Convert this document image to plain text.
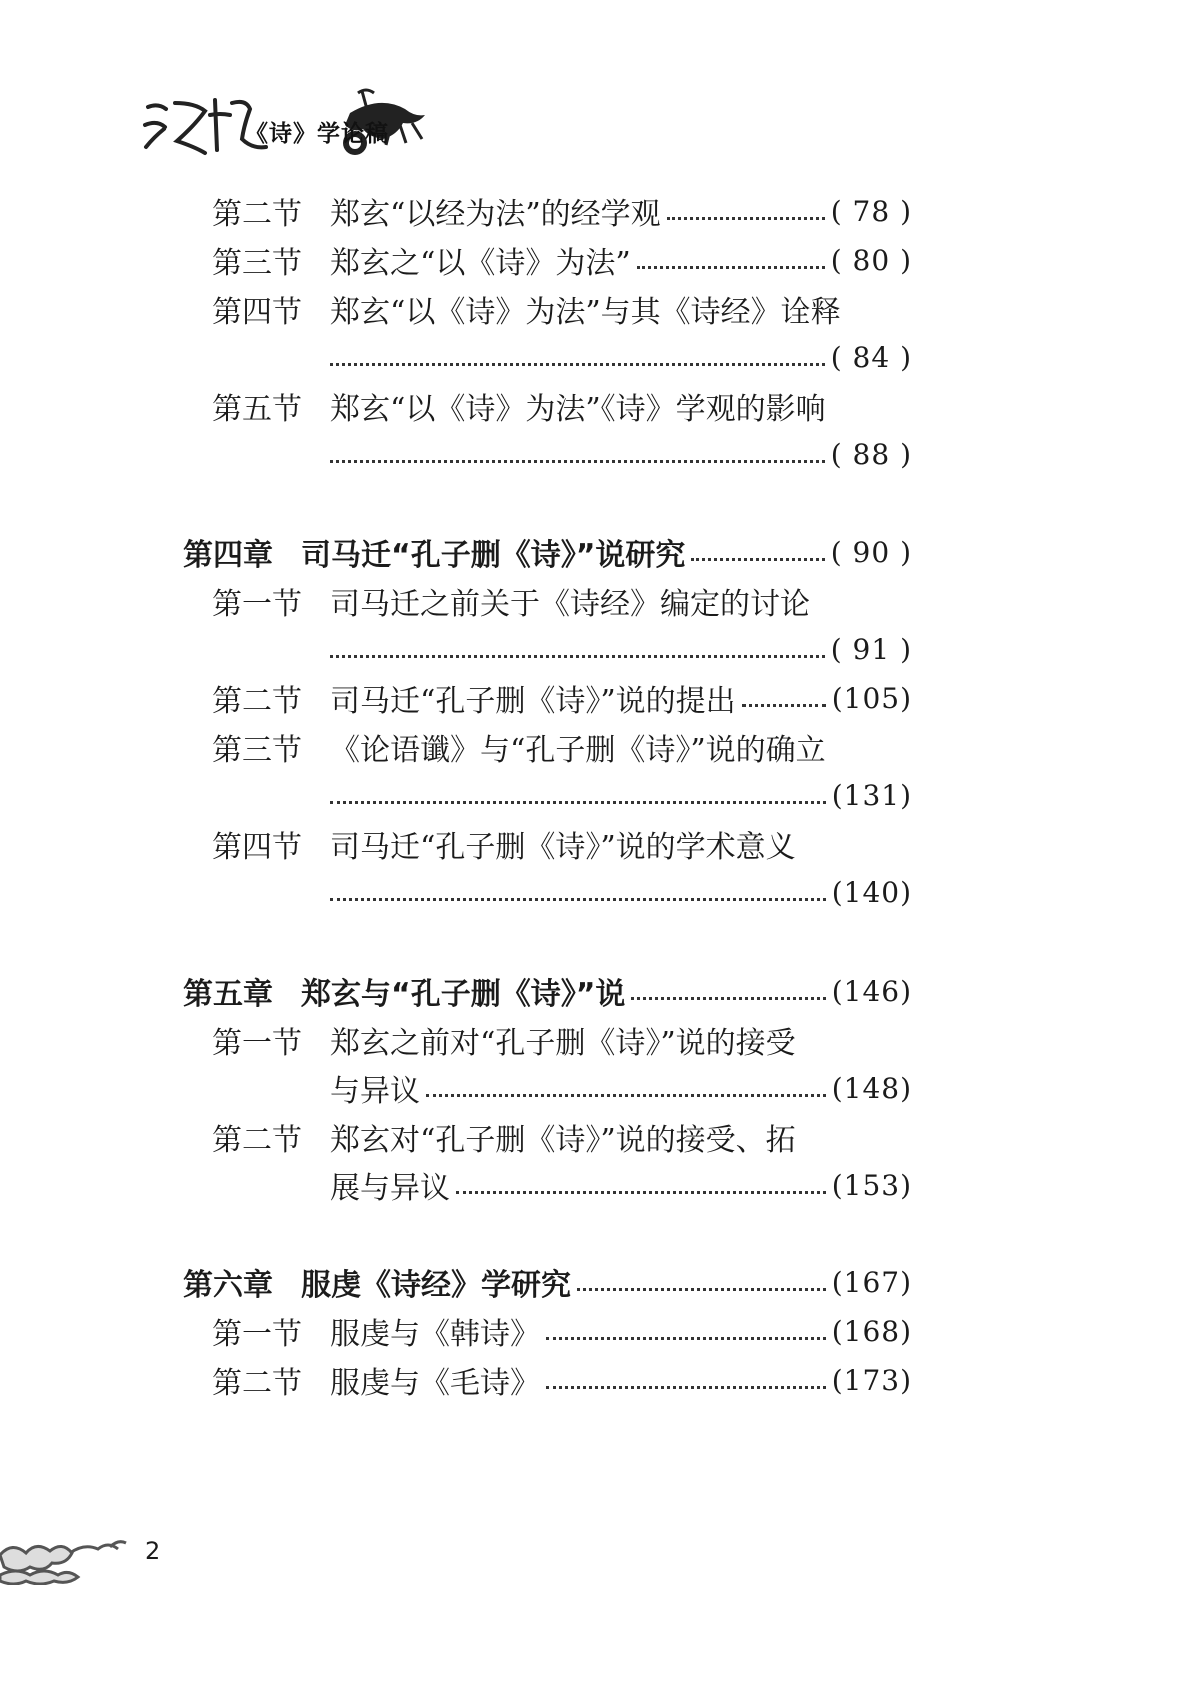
《诗》学论稿
第二节 郑玄“以经为法”的经学观	( 78 )
第三节 郑玄之“以《诗》为法”	( 80 )
第四节 郑玄“以《诗》为法”与其《诗经》诠释
( 84 )
第五节 郑玄“以《诗》为法”《诗》学观的影响
( 88 )
第四章 司马迁“孔子删《诗》”说研究	( 90 )
第一节 司马迁之前关于《诗经》编定的讨论
( 91 )
第二节 司马迁“孔子删《诗》”说的提出	(105)
第三节 《论语谶》与“孔子删《诗》”说的确立
(131)
第四节 司马迁“孔子删《诗》”说的学术意义
(140)
第五章 郑玄与“孔子删《诗》”说	(146)
第一节 郑玄之前对“孔子删《诗》”说的接受
与异议	(148)
第二节 郑玄对“孔子删《诗》”说的接受、拓
展与异议	(153)
第六章 服虔《诗经》学研究	(167)
第一节 服虔与《韩诗》	(168)
第二节 服虔与《毛诗》	(173)
2
